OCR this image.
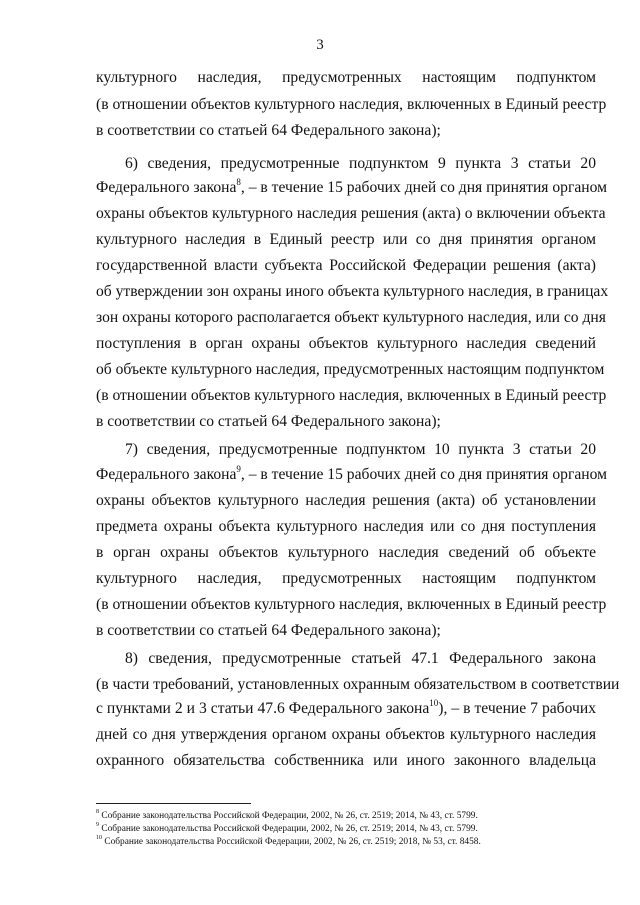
3
культурного наследия, предусмотренных настоящим подпунктом
(в отношении объектов культурного наследия, включенных в Единый реестр
в соответствии со статьей 64 Федерального закона);
6) сведения, предусмотренные подпунктом 9 пункта 3 статьи 20
Федерального закона$^8$, – в течение 15 рабочих дней со дня принятия органом
охраны объектов культурного наследия решения (акта) о включении объекта
культурного наследия в Единый реестр или со дня принятия органом
государственной власти субъекта Российской Федерации решения (акта)
об утверждении зон охраны иного объекта культурного наследия, в границах
зон охраны которого располагается объект культурного наследия, или со дня
поступления в орган охраны объектов культурного наследия сведений
об объекте культурного наследия, предусмотренных настоящим подпунктом
(в отношении объектов культурного наследия, включенных в Единый реестр
в соответствии со статьей 64 Федерального закона);
7) сведения, предусмотренные подпунктом 10 пункта 3 статьи 20
Федерального закона$^9$, – в течение 15 рабочих дней со дня принятия органом
охраны объектов культурного наследия решения (акта) об установлении
предмета охраны объекта культурного наследия или со дня поступления
в орган охраны объектов культурного наследия сведений об объекте
культурного наследия, предусмотренных настоящим подпунктом
(в отношении объектов культурного наследия, включенных в Единый реестр
в соответствии со статьей 64 Федерального закона);
8) сведения, предусмотренные статьей 47.1 Федерального закона
(в части требований, установленных охранным обязательством в соответствии
с пунктами 2 и 3 статьи 47.6 Федерального закона$^{10}$), – в течение 7 рабочих
дней со дня утверждения органом охраны объектов культурного наследия
охранного обязательства собственника или иного законного владельца
$^8$ Собрание законодательства Российской Федерации, 2002, № 26, ст. 2519; 2014, № 43, ст. 5799.
$^9$ Собрание законодательства Российской Федерации, 2002, № 26, ст. 2519; 2014, № 43, ст. 5799.
$^{10}$ Собрание законодательства Российской Федерации, 2002, № 26, ст. 2519; 2018, № 53, ст. 8458.
